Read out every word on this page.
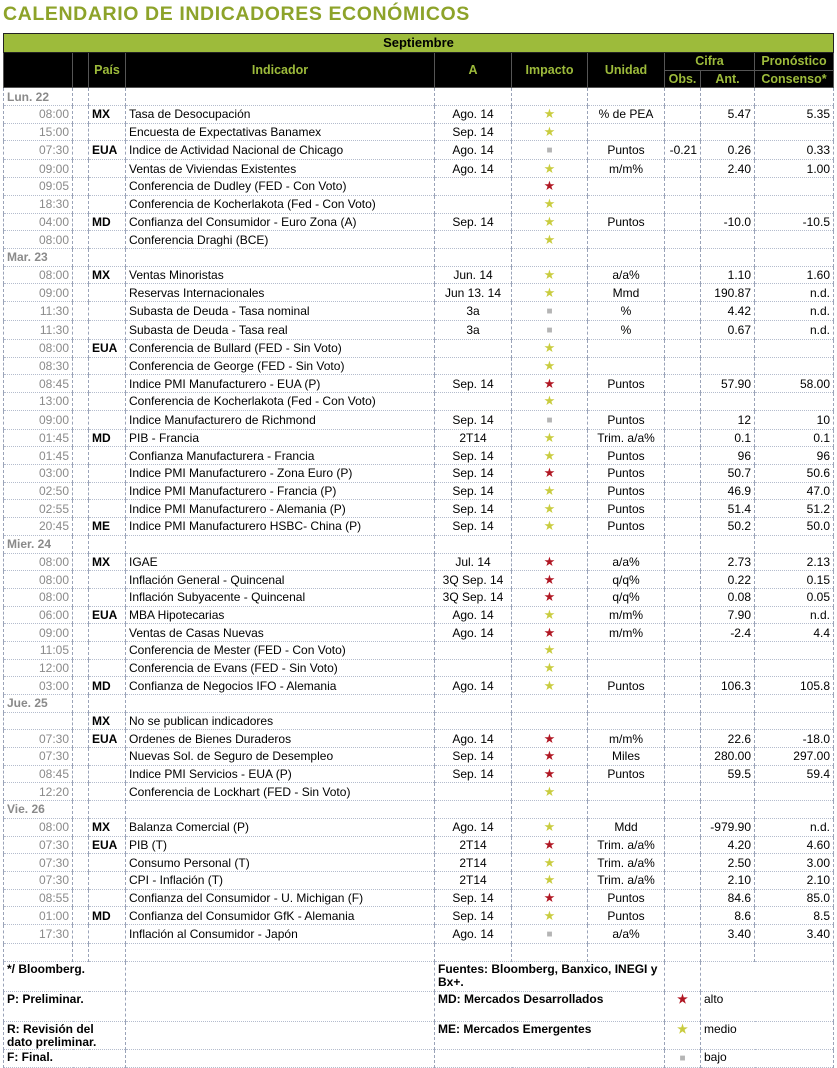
CALENDARIO DE INDICADORES ECONÓMICOS
Septiembre									
		País	Indicador	A	Impacto	Unidad	Cifra		Pronóstico
							Obs.	Ant.	Consenso*
Lun. 22									
08:00		MX	Tasa de Desocupación	Ago. 14	★	% de PEA		5.47	5.35
15:00			Encuesta de Expectativas Banamex	Sep. 14	★				
07:30		EUA	Indice de Actividad Nacional de Chicago	Ago. 14	■	Puntos	-0.21	0.26	0.33
09:00			Ventas de Viviendas Existentes	Ago. 14	★	m/m%		2.40	1.00
09:05			Conferencia de Dudley (FED - Con Voto)		★				
18:30			Conferencia de Kocherlakota (Fed - Con Voto)		★				
04:00		MD	Confianza del Consumidor - Euro Zona (A)	Sep. 14	★	Puntos		-10.0	-10.5
08:00			Conferencia Draghi (BCE)		★				
Mar. 23									
08:00		MX	Ventas Minoristas	Jun. 14	★	a/a%		1.10	1.60
09:00			Reservas Internacionales	Jun 13. 14	★	Mmd		190.87	n.d.
11:30			Subasta de Deuda - Tasa nominal	3a	■	%		4.42	n.d.
11:30			Subasta de Deuda - Tasa real	3a	■	%		0.67	n.d.
08:00		EUA	Conferencia de Bullard (FED - Sin Voto)		★				
08:30			Conferencia de George (FED - Sin Voto)		★				
08:45			Indice PMI Manufacturero - EUA (P)	Sep. 14	★	Puntos		57.90	58.00
13:00			Conferencia de Kocherlakota (Fed - Con Voto)		★				
09:00			Indice Manufacturero de Richmond	Sep. 14	■	Puntos		12	10
01:45		MD	PIB - Francia	2T14	★	Trim. a/a%		0.1	0.1
01:45			Confianza Manufacturera - Francia	Sep. 14	★	Puntos		96	96
03:00			Indice PMI Manufacturero - Zona Euro (P)	Sep. 14	★	Puntos		50.7	50.6
02:50			Indice PMI Manufacturero - Francia (P)	Sep. 14	★	Puntos		46.9	47.0
02:55			Indice PMI Manufacturero - Alemania (P)	Sep. 14	★	Puntos		51.4	51.2
20:45		ME	Indice PMI Manufacturero HSBC- China (P)	Sep. 14	★	Puntos		50.2	50.0
Mier. 24									
08:00		MX	IGAE	Jul. 14	★	a/a%		2.73	2.13
08:00			Inflación General - Quincenal	3Q Sep. 14	★	q/q%		0.22	0.15
08:00			Inflación Subyacente - Quincenal	3Q Sep. 14	★	q/q%		0.08	0.05
06:00		EUA	MBA Hipotecarias	Ago. 14	★	m/m%		7.90	n.d.
09:00			Ventas de Casas Nuevas	Ago. 14	★	m/m%		-2.4	4.4
11:05			Conferencia de Mester (FED - Con Voto)		★				
12:00			Conferencia de Evans (FED - Sin Voto)		★				
03:00		MD	Confianza de Negocios IFO - Alemania	Ago. 14	★	Puntos		106.3	105.8
Jue. 25									
		MX	No se publican indicadores						
07:30		EUA	Ordenes de Bienes Duraderos	Ago. 14	★	m/m%		22.6	-18.0
07:30			Nuevas Sol. de Seguro de Desempleo	Sep. 14	★	Miles		280.00	297.00
08:45			Indice PMI Servicios - EUA (P)	Sep. 14	★	Puntos		59.5	59.4
12:20			Conferencia de Lockhart (FED - Sin Voto)		★				
Vie. 26									
08:00		MX	Balanza Comercial (P)	Ago. 14	★	Mdd		-979.90	n.d.
07:30		EUA	PIB (T)	2T14	★	Trim. a/a%		4.20	4.60
07:30			Consumo Personal (T)	2T14	★	Trim. a/a%		2.50	3.00
07:30			CPI - Inflación (T)	2T14	★	Trim. a/a%		2.10	2.10
08:55			Confianza del Consumidor - U. Michigan (F)	Sep. 14	★	Puntos		84.6	85.0
01:00		MD	Confianza del Consumidor GfK - Alemania	Sep. 14	★	Puntos		8.6	8.5
17:30			Inflación al Consumidor - Japón	Ago. 14	■	a/a%		3.40	3.40

*/ Bloomberg.				Fuentes: Bloomberg, Banxico, INEGI y Bx+.					
P: Preliminar.				MD: Mercados Desarrollados			★	alto	
R: Revisión del dato preliminar.				ME: Mercados Emergentes			★	medio	
F: Final.							■	bajo	
